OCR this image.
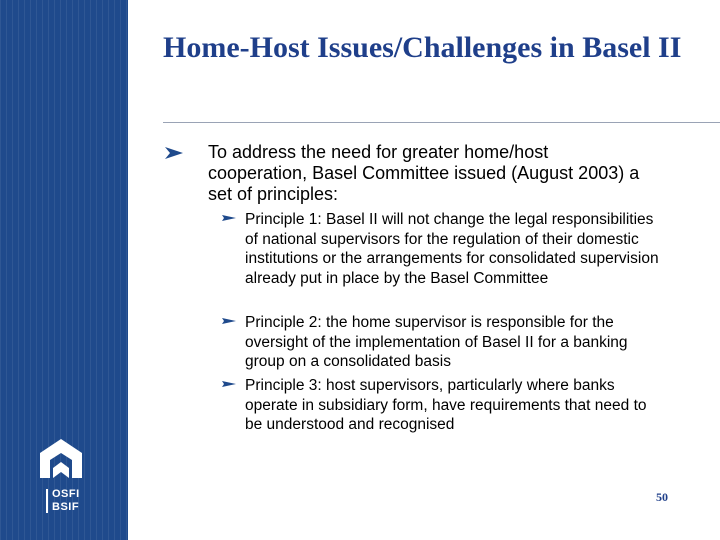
OSFI
BSIF
Home-Host Issues/Challenges in Basel II
To address the need for greater home/host cooperation, Basel Committee issued (August 2003) a set of principles:
Principle 1: Basel II will not change the legal responsibilities of national supervisors for the regulation of their domestic institutions or the arrangements for consolidated supervision already put in place by the Basel Committee
Principle 2: the home supervisor is responsible for the oversight of the implementation of Basel II for a banking group on a consolidated basis
Principle 3: host supervisors, particularly where banks operate in subsidiary form, have requirements that need to be understood and recognised
50
